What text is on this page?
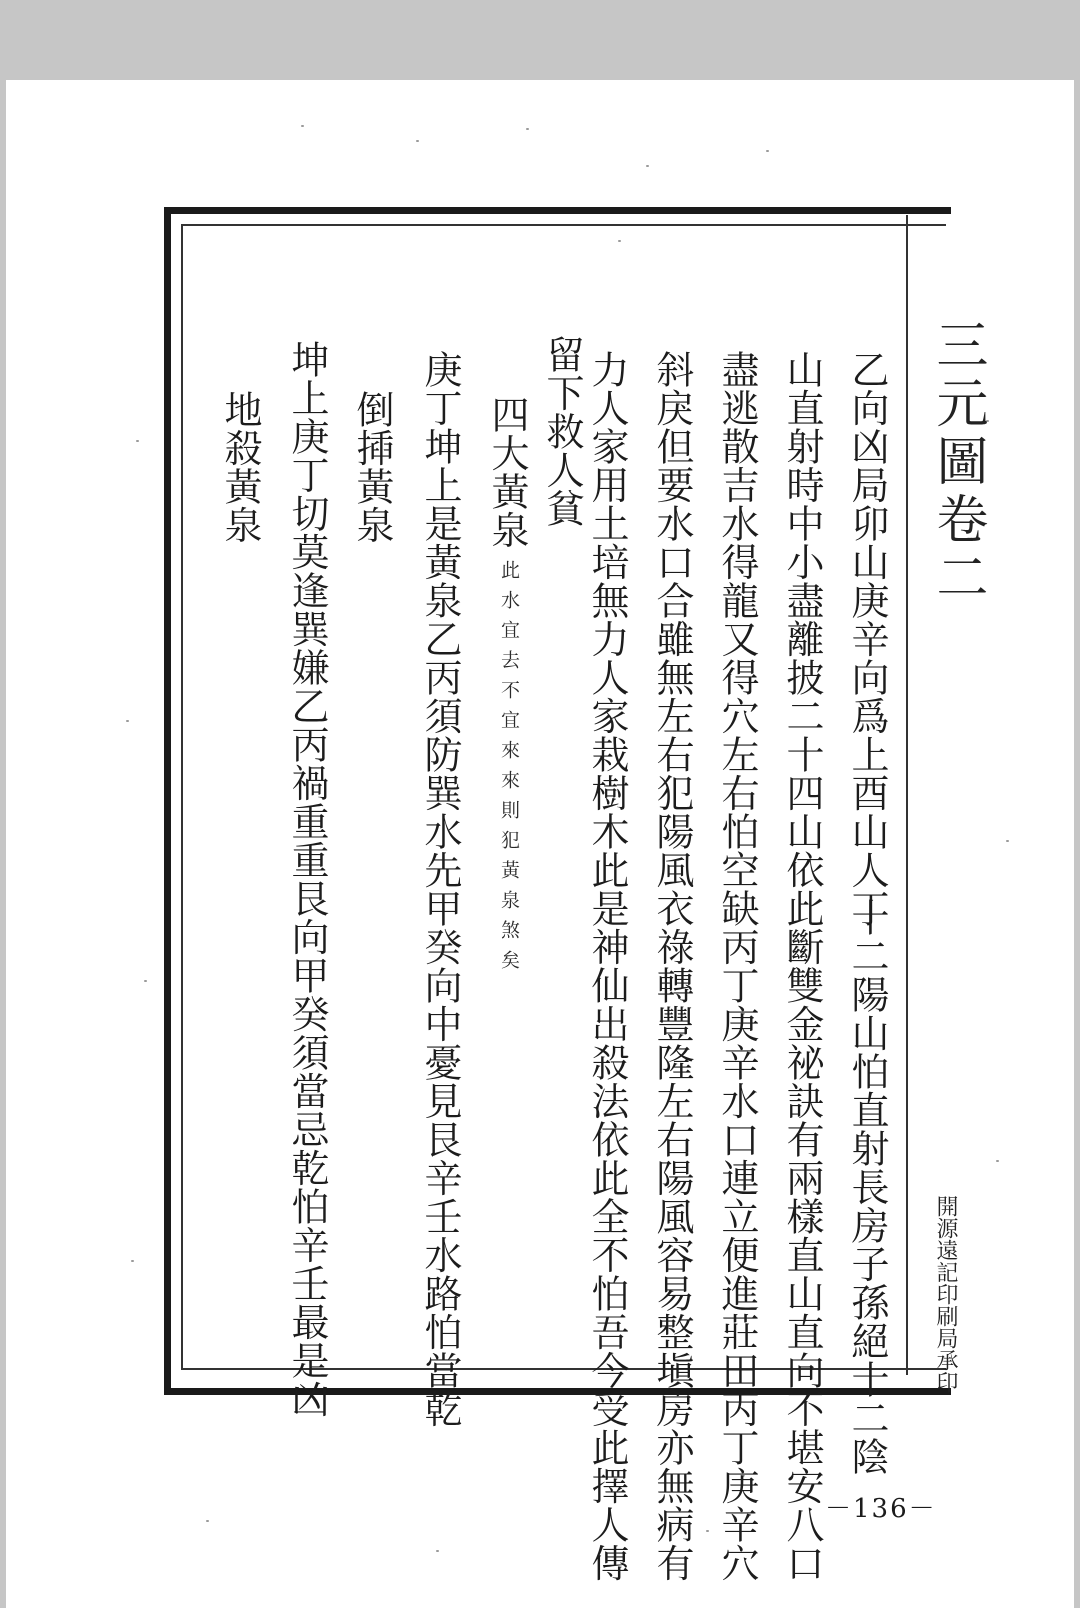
三元圖卷二
開源遠記印刷局承印
乙向凶局卯山庚辛向爲上酉山人丁
十二陽山怕直射長房子孫絕十二陰
山直射時中小盡離披二十四山依此斷雙金祕訣有兩樣直山直向不堪安八口
盡逃散吉水得龍又得穴左右怕空缺丙丁庚辛水口連立便進莊田丙丁庚辛穴
斜戾但要水口合雖無左右犯陽風衣祿轉豐隆左右陽風容易整塡房亦無病有
力人家用土培無力人家栽樹木此是神仙出殺法依此全不怕吾今受此擇人傳
留下救人貧
四大黃泉
此水宜去不宜來來則犯黃泉煞矣
庚丁坤上是黃泉乙丙須防巽水先甲癸向中憂見艮辛壬水路怕當乾
倒揷黃泉
坤上庚丁切莫逢巽嫌乙丙禍重重艮向甲癸須當忌乾怕辛壬最是凶
地殺黃泉
－136－
